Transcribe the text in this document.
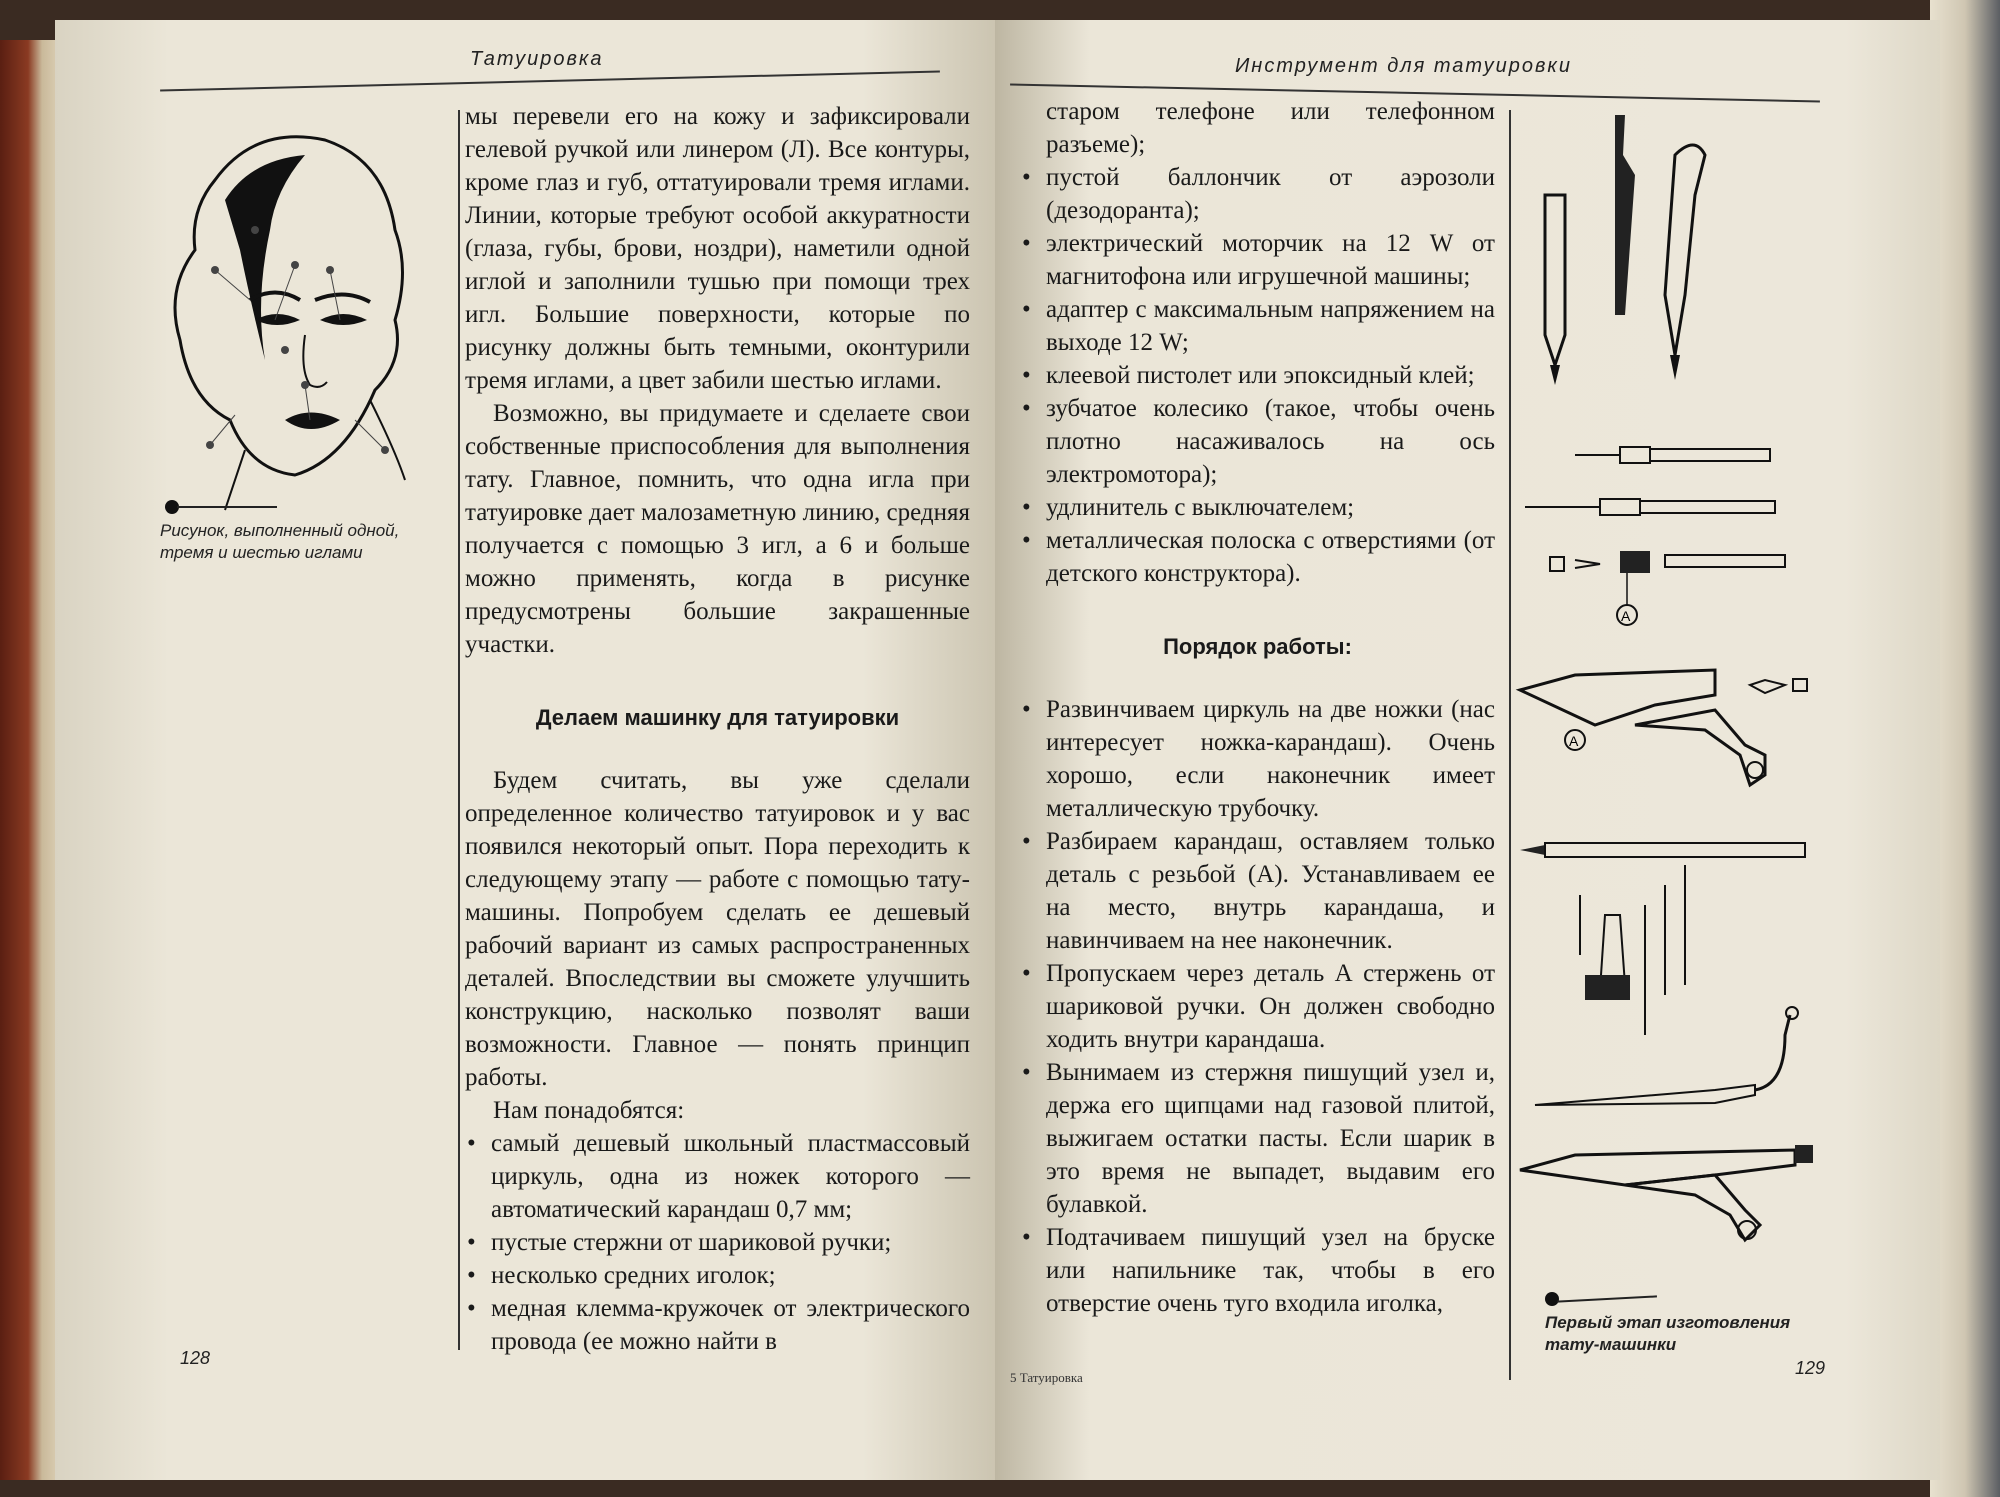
Татуировка
Рисунок, выполненный одной, тремя и шестью иглами

мы перевели его на кожу и зафиксировали гелевой ручкой или линером (Л). Все контуры, кроме глаз и губ, оттатуировали тремя иглами. Линии, которые требуют особой аккуратности (глаза, губы, брови, ноздри), наметили одной иглой и заполнили тушью при помощи трех игл. Большие поверхности, которые по рисунку должны быть темными, оконтурили тремя иглами, а цвет забили шестью иглами.

Возможно, вы придумаете и сделаете свои собственные приспособления для выполнения тату. Главное, помнить, что одна игла при татуировке дает малозаметную линию, средняя получается с помощью 3 игл, а 6 и больше можно применять, когда в рисунке предусмотрены большие закрашенные участки.

Делаем машинку для татуировки

Будем считать, вы уже сделали определенное количество татуировок и у вас появился некоторый опыт. Пора переходить к следующему этапу — работе с помощью тату-машины. Попробуем сделать ее дешевый рабочий вариант из самых распространенных деталей. Впоследствии вы сможете улучшить конструкцию, насколько позволят ваши возможности. Главное — понять принцип работы.

Нам понадобятся:

• самый дешевый школьный пластмассовый циркуль, одна из ножек которого — автоматический карандаш 0,7 мм;
• пустые стержни от шариковой ручки;
• несколько средних иголок;
• медная клемма-кружочек от электрического провода (ее можно найти в
128
Инструмент для татуировки
старом телефоне или телефонном разъеме);
• пустой баллончик от аэрозоли (дезодоранта);
• электрический моторчик на 12 W от магнитофона или игрушечной машины;
• адаптер с максимальным напряжением на выходе 12 W;
• клеевой пистолет или эпоксидный клей;
• зубчатое колесико (такое, чтобы очень плотно насаживалось на ось электромотора);
• удлинитель с выключателем;
• металлическая полоска с отверстиями (от детского конструктора).
Порядок работы:
• Развинчиваем циркуль на две ножки (нас интересует ножка-карандаш). Очень хорошо, если наконечник имеет металлическую трубочку.
• Разбираем карандаш, оставляем только деталь с резьбой (А). Устанавливаем ее на место, внутрь карандаша, и навинчиваем на нее наконечник.
• Пропускаем через деталь А стержень от шариковой ручки. Он должен свободно ходить внутри карандаша.
• Вынимаем из стержня пишущий узел и, держа его щипцами над газовой плитой, выжигаем остатки пасты. Если шарик в это время не выпадет, выдавим его булавкой.
• Подтачиваем пишущий узел на бруске или напильнике так, чтобы в его отверстие очень туго входила иголка,
A
A
Первый этап изготовления тату-машинки
5 Татуировка	129
